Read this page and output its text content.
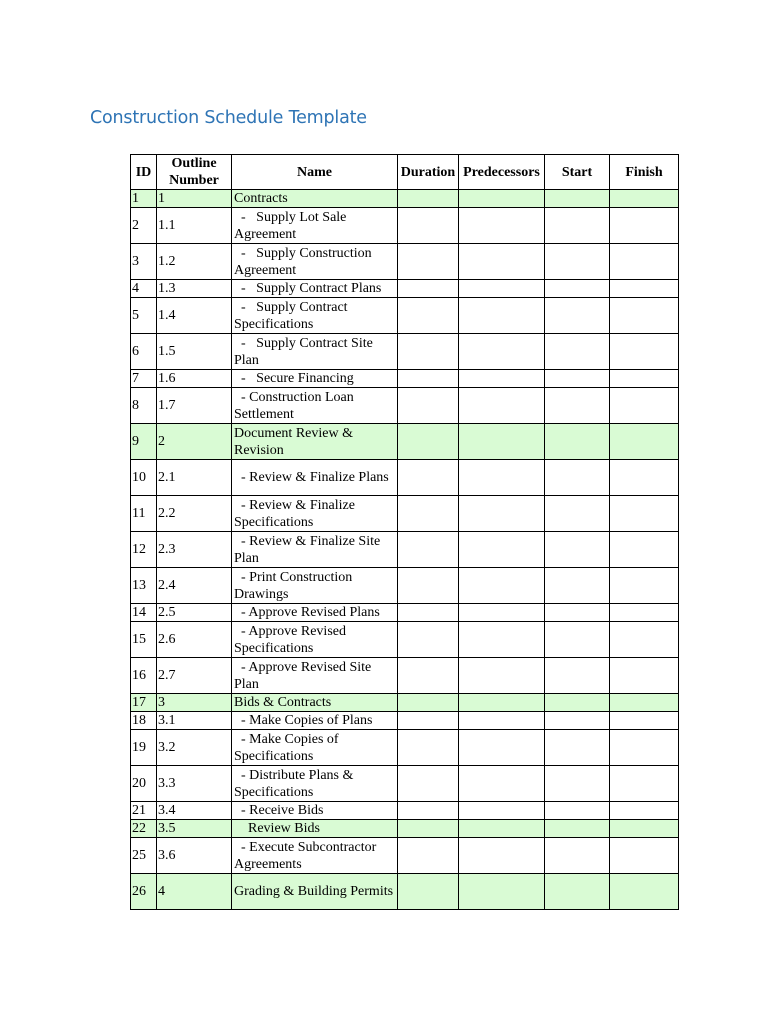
Construction Schedule Template
ID	Outline Number	Name	Duration	Predecessors	Start	Finish
1	1	Contracts				
2	1.1	-   Supply Lot Sale Agreement				
3	1.2	-   Supply Construction Agreement				
4	1.3	-   Supply Contract Plans				
5	1.4	-   Supply Contract Specifications				
6	1.5	-   Supply Contract Site Plan				
7	1.6	-   Secure Financing				
8	1.7	- Construction Loan Settlement				
9	2	Document Review & Revision				
10	2.1	- Review & Finalize Plans				
11	2.2	- Review & Finalize Specifications				
12	2.3	- Review & Finalize Site Plan				
13	2.4	- Print Construction Drawings				
14	2.5	- Approve Revised Plans				
15	2.6	- Approve Revised Specifications				
16	2.7	- Approve Revised Site Plan				
17	3	Bids & Contracts				
18	3.1	- Make Copies of Plans				
19	3.2	- Make Copies of Specifications				
20	3.3	- Distribute Plans & Specifications				
21	3.4	- Receive Bids				
22	3.5	Review Bids				
25	3.6	- Execute Subcontractor Agreements				
26	4	Grading & Building Permits				
